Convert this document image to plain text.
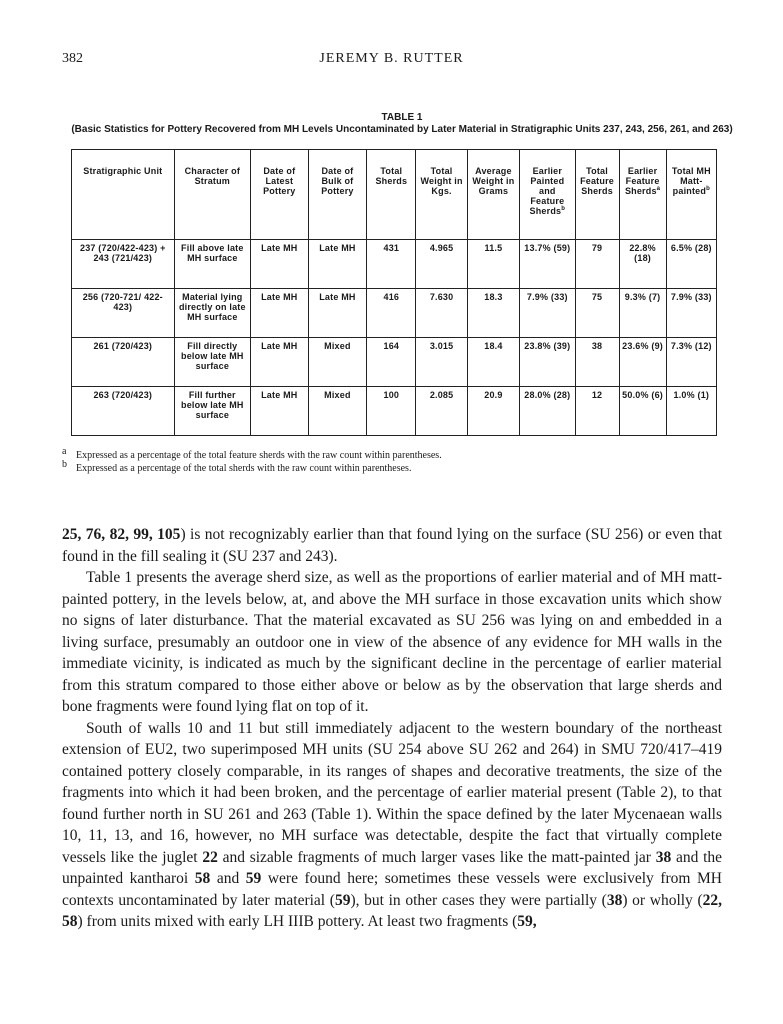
382	JEREMY B. RUTTER
TABLE 1
(Basic Statistics for Pottery Recovered from MH Levels Uncontaminated by Later Material in Stratigraphic Units 237, 243, 256, 261, and 263)
Stratigraphic Unit	Character of Stratum	Date of Latest Pottery	Date of Bulk of Pottery	Total Sherds	Total Weight in Kgs.	Average Weight in Grams	Earlier Painted and Feature Sherds$^b$	Total Feature Sherds	Earlier Feature Sherds$^a$	Total MH Matt-painted$^b$
237 (720/422-423) + 243 (721/423)	Fill above late MH surface	Late MH	Late MH	431	4.965	11.5	13.7% (59)	79	22.8% (18)	6.5% (28)
256 (720-721/ 422-423)	Material lying directly on late MH surface	Late MH	Late MH	416	7.630	18.3	7.9% (33)	75	9.3% (7)	7.9% (33)
261 (720/423)	Fill directly below late MH surface	Late MH	Mixed	164	3.015	18.4	23.8% (39)	38	23.6% (9)	7.3% (12)
263 (720/423)	Fill further below late MH surface	Late MH	Mixed	100	2.085	20.9	28.0% (28)	12	50.0% (6)	1.0% (1)
$^a$ Expressed as a percentage of the total feature sherds with the raw count within parentheses.
$^b$ Expressed as a percentage of the total sherds with the raw count within parentheses.

25, 76, 82, 99, 105) is not recognizably earlier than that found lying on the surface (SU 256) or even that found in the fill sealing it (SU 237 and 243).

Table 1 presents the average sherd size, as well as the proportions of earlier material and of MH matt-painted pottery, in the levels below, at, and above the MH surface in those excavation units which show no signs of later disturbance. That the material excavated as SU 256 was lying on and embedded in a living surface, presumably an outdoor one in view of the absence of any evidence for MH walls in the immediate vicinity, is indicated as much by the significant decline in the percentage of earlier material from this stratum compared to those either above or below as by the observation that large sherds and bone fragments were found lying flat on top of it.

South of walls 10 and 11 but still immediately adjacent to the western boundary of the northeast extension of EU2, two superimposed MH units (SU 254 above SU 262 and 264) in SMU 720/417–419 contained pottery closely comparable, in its ranges of shapes and decorative treatments, the size of the fragments into which it had been broken, and the percentage of earlier material present (Table 2), to that found further north in SU 261 and 263 (Table 1). Within the space defined by the later Mycenaean walls 10, 11, 13, and 16, however, no MH surface was detectable, despite the fact that virtually complete vessels like the juglet 22 and sizable fragments of much larger vases like the matt-painted jar 38 and the unpainted kantharoi 58 and 59 were found here; sometimes these vessels were exclusively from MH contexts uncontaminated by later material (59), but in other cases they were partially (38) or wholly (22, 58) from units mixed with early LH IIIB pottery. At least two fragments (59,
